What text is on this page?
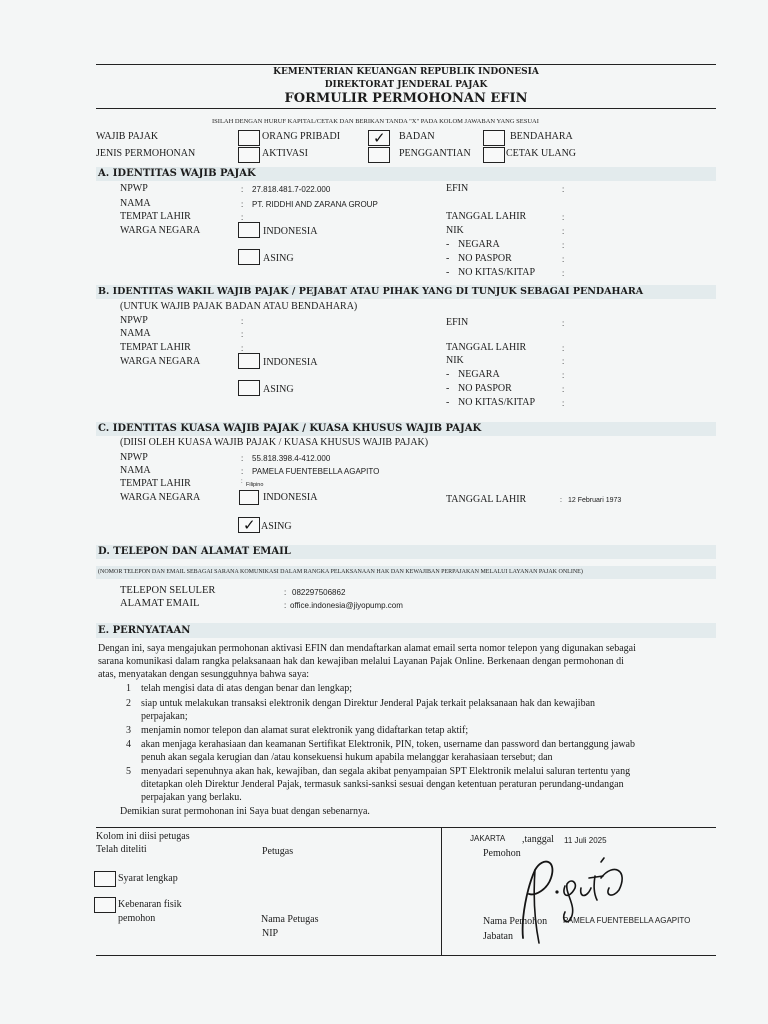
KEMENTERIAN KEUANGAN REPUBLIK INDONESIA
DIREKTORAT JENDERAL PAJAK
FORMULIR PERMOHONAN EFIN
ISILAH DENGAN HURUF KAPITAL/CETAK DAN BERIKAN TANDA "X" PADA KOLOM JAWABAN YANG SESUAI
WAJIB PAJAK	ORANG PRIBADI ✓ BADAN	BENDAHARA
JENIS PERMOHONAN	AKTIVASI	PENGGANTIAN	CETAK ULANG
A. IDENTITAS WAJIB PAJAK
NPWP	: 27.818.481.7-022.000
NAMA	: PT. RIDDHI AND ZARANA GROUP
TEMPAT LAHIR	:
WARGA NEGARA	INDONESIA
ASING
EFIN	:
TANGGAL LAHIR	:
NIK	:
- NEGARA	:
- NO PASPOR	:
- NO KITAS/KITAP	:
B. IDENTITAS WAKIL WAJIB PAJAK / PEJABAT ATAU PIHAK YANG DI TUNJUK SEBAGAI PENDAHARA
(UNTUK WAJIB PAJAK BADAN ATAU BENDAHARA)
NPWP	:
NAMA	:
TEMPAT LAHIR	:
WARGA NEGARA	INDONESIA
ASING
EFIN	:
TANGGAL LAHIR	:
NIK	:
- NEGARA	:
- NO PASPOR	:
- NO KITAS/KITAP	:
C. IDENTITAS KUASA WAJIB PAJAK / KUASA KHUSUS WAJIB PAJAK
(DIISI OLEH KUASA WAJIB PAJAK / KUASA KHUSUS WAJIB PAJAK)
NPWP	: 55.818.398.4-412.000
NAMA	: PAMELA FUENTEBELLA AGAPITO
TEMPAT LAHIR	: Filipino
WARGA NEGARA	INDONESIA
✓ ASING
TANGGAL LAHIR	: 12 Februari 1973
D. TELEPON DAN ALAMAT EMAIL
(NOMOR TELEPON DAN EMAIL SEBAGAI SARANA KOMUNIKASI DALAM RANGKA PELAKSANAAN HAK DAN KEWAJIBAN PERPAJAKAN MELALUI LAYANAN PAJAK ONLINE)
TELEPON SELULER	: 082297506862
ALAMAT EMAIL	: office.indonesia@jiyopump.com
E. PERNYATAAN
Dengan ini, saya mengajukan permohonan aktivasi EFIN dan mendaftarkan alamat email serta nomor telepon yang digunakan sebagai
sarana komunikasi dalam rangka pelaksanaan hak dan kewajiban melalui Layanan Pajak Online. Berkenaan dengan permohonan di
atas, menyatakan dengan sesungguhnya bahwa saya:
1 telah mengisi data di atas dengan benar dan lengkap;
2 siap untuk melakukan transaksi elektronik dengan Direktur Jenderal Pajak terkait pelaksanaan hak dan kewajiban
perpajakan;
3 menjamin nomor telepon dan alamat surat elektronik yang didaftarkan tetap aktif;
4 akan menjaga kerahasiaan dan keamanan Sertifikat Elektronik, PIN, token, username dan password dan bertanggung jawab
penuh akan segala kerugian dan /atau konsekuensi hukum apabila melanggar kerahasiaan tersebut; dan
5 menyadari sepenuhnya akan hak, kewajiban, dan segala akibat penyampaian SPT Elektronik melalui saluran tertentu yang
ditetapkan oleh Direktur Jenderal Pajak, termasuk sanksi-sanksi sesuai dengan ketentuan peraturan perundang-undangan
perpajakan yang berlaku.
Demikian surat permohonan ini Saya buat dengan sebenarnya.
Kolom ini diisi petugas
Telah diteliti	Petugas
Syarat lengkap
Kebenaran fisik
pemohon	Nama Petugas
NIP
JAKARTA ,tanggal 11 Juli 2025
Pemohon
Nama Pemohon PAMELA FUENTEBELLA AGAPITO
Jabatan
